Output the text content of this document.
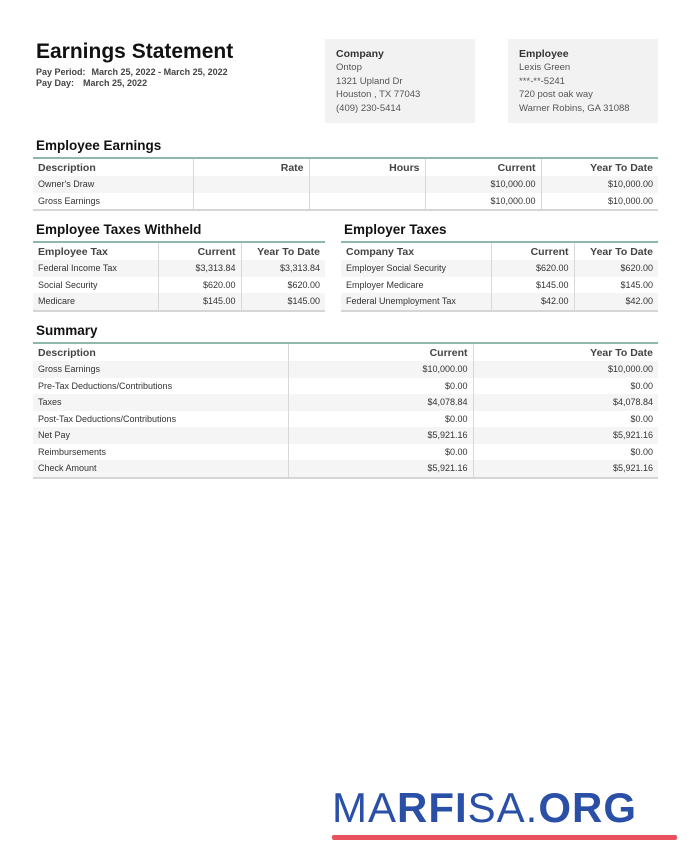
Earnings Statement
Pay Period: March 25, 2022 - March 25, 2022
Pay Day: March 25, 2022
Company
Ontop
1321 Upland Dr
Houston , TX 77043
(409) 230-5414
Employee
Lexis Green
***-**-5241
720 post oak way
Warner Robins, GA 31088
Employee Earnings
Description	Rate	Hours	Current	Year To Date
Owner's Draw			$10,000.00	$10,000.00
Gross Earnings			$10,000.00	$10,000.00
Employee Taxes Withheld
Employee Tax	Current	Year To Date
Federal Income Tax	$3,313.84	$3,313.84
Social Security	$620.00	$620.00
Medicare	$145.00	$145.00
Employer Taxes
Company Tax	Current	Year To Date
Employer Social Security	$620.00	$620.00
Employer Medicare	$145.00	$145.00
Federal Unemployment Tax	$42.00	$42.00
Summary
Description	Current	Year To Date
Gross Earnings	$10,000.00	$10,000.00
Pre-Tax Deductions/Contributions	$0.00	$0.00
Taxes	$4,078.84	$4,078.84
Post-Tax Deductions/Contributions	$0.00	$0.00
Net Pay	$5,921.16	$5,921.16
Reimbursements	$0.00	$0.00
Check Amount	$5,921.16	$5,921.16
MARFISA.ORG
